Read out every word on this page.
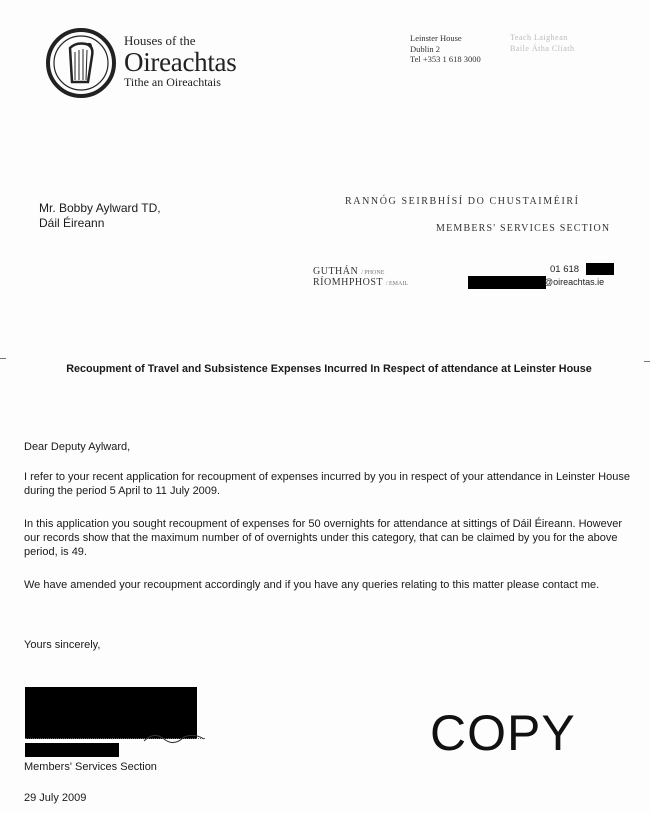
Houses of the
Oireachtas
Tithe an Oireachtais
Leinster House
Dublin 2
Tel +353 1 618 3000
Teach Laighean
Baile Átha Cliath
Mr. Bobby Aylward TD,
Dáil Éireann
RANNÓG SEIRBHÍSÍ DO CHUSTAIMÉIRÍ
MEMBERS' SERVICES SECTION
GUTHÁN / PHONE
RÍOMHPHOST / EMAIL
01 618
@oireachtas.ie
Recoupment of Travel and Subsistence Expenses Incurred In Respect of attendance at Leinster House
Dear Deputy Aylward,
I refer to your recent application for recoupment of expenses incurred by you in respect of your attendance in Leinster House during the period 5 April to 11 July 2009.
In this application you sought recoupment of expenses for 50 overnights for attendance at sittings of Dáil Éireann. However our records show that the maximum number of of overnights under this category, that can be claimed by you for the above period, is 49.
We have amended your recoupment accordingly and if you have any queries relating to this matter please contact me.
Yours sincerely,
Members' Services Section
29 July 2009
COPY
